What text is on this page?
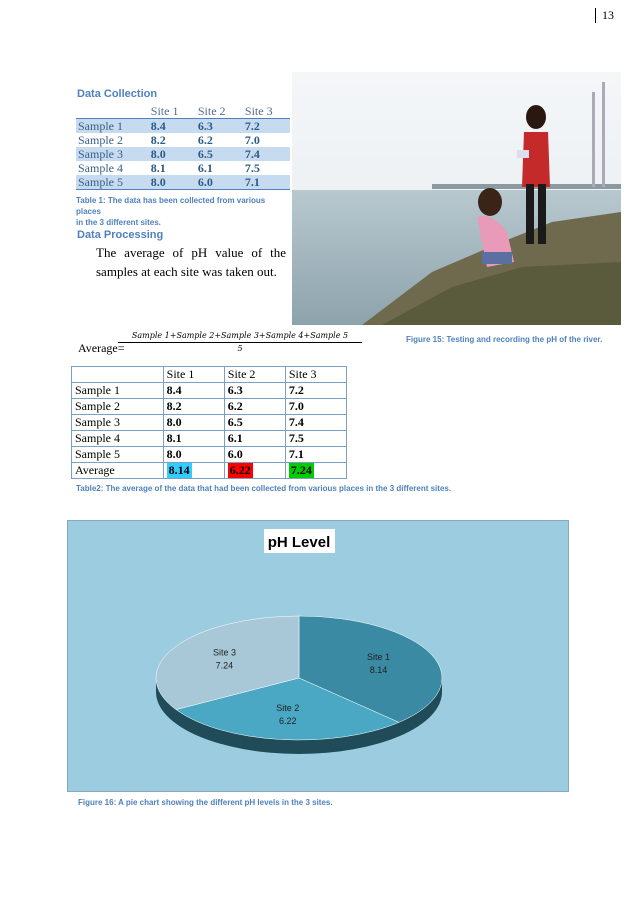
13
Data Collection
	Site 1	Site 2	Site 3
Sample 1	8.4	6.3	7.2
Sample 2	8.2	6.2	7.0
Sample 3	8.0	6.5	7.4
Sample 4	8.1	6.1	7.5
Sample 5	8.0	6.0	7.1
Table 1: The data has been collected from various places
in the 3 different sites.
Data Processing
The average of pH value of the
samples at each site was taken out.
Average=
Sample 1+Sample 2+Sample 3+Sample 4+Sample 5
5
Figure 15: Testing and recording the pH of the river.
	Site 1	Site 2	Site 3
Sample 1	8.4	6.3	7.2
Sample 2	8.2	6.2	7.0
Sample 3	8.0	6.5	7.4
Sample 4	8.1	6.1	7.5
Sample 5	8.0	6.0	7.1
Average	8.14	6.22	7.24
Table2: The average of the data that had been collected from various places in the 3 different sites.
pH Level
Site 1
8.14
Site 2
6.22
Site 3
7.24
Figure 16: A pie chart showing the different pH levels in the 3 sites.
